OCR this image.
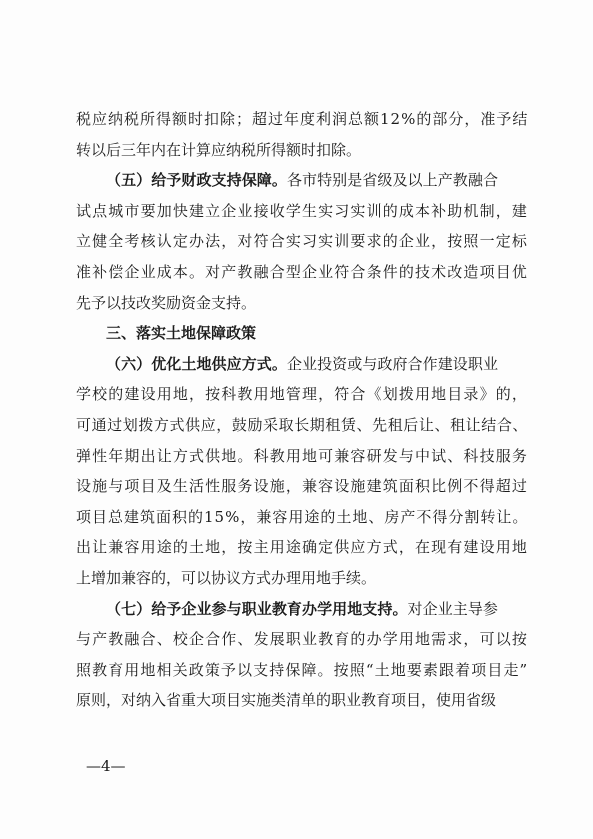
税应纳税所得额时扣除；超过年度利润总额12%的部分，准予结
转以后三年内在计算应纳税所得额时扣除。

（五）给予财政支持保障。各市特别是省级及以上产教融合
试点城市要加快建立企业接收学生实习实训的成本补助机制，建
立健全考核认定办法，对符合实习实训要求的企业，按照一定标
准补偿企业成本。对产教融合型企业符合条件的技术改造项目优
先予以技改奖励资金支持。

三、落实土地保障政策

（六）优化土地供应方式。企业投资或与政府合作建设职业
学校的建设用地，按科教用地管理，符合《划拨用地目录》的，
可通过划拨方式供应，鼓励采取长期租赁、先租后让、租让结合、
弹性年期出让方式供地。科教用地可兼容研发与中试、科技服务
设施与项目及生活性服务设施，兼容设施建筑面积比例不得超过
项目总建筑面积的15%，兼容用途的土地、房产不得分割转让。
出让兼容用途的土地，按主用途确定供应方式，在现有建设用地
上增加兼容的，可以协议方式办理用地手续。

（七）给予企业参与职业教育办学用地支持。对企业主导参
与产教融合、校企合作、发展职业教育的办学用地需求，可以按
照教育用地相关政策予以支持保障。按照“土地要素跟着项目走”
原则，对纳入省重大项目实施类清单的职业教育项目，使用省级

—4—
